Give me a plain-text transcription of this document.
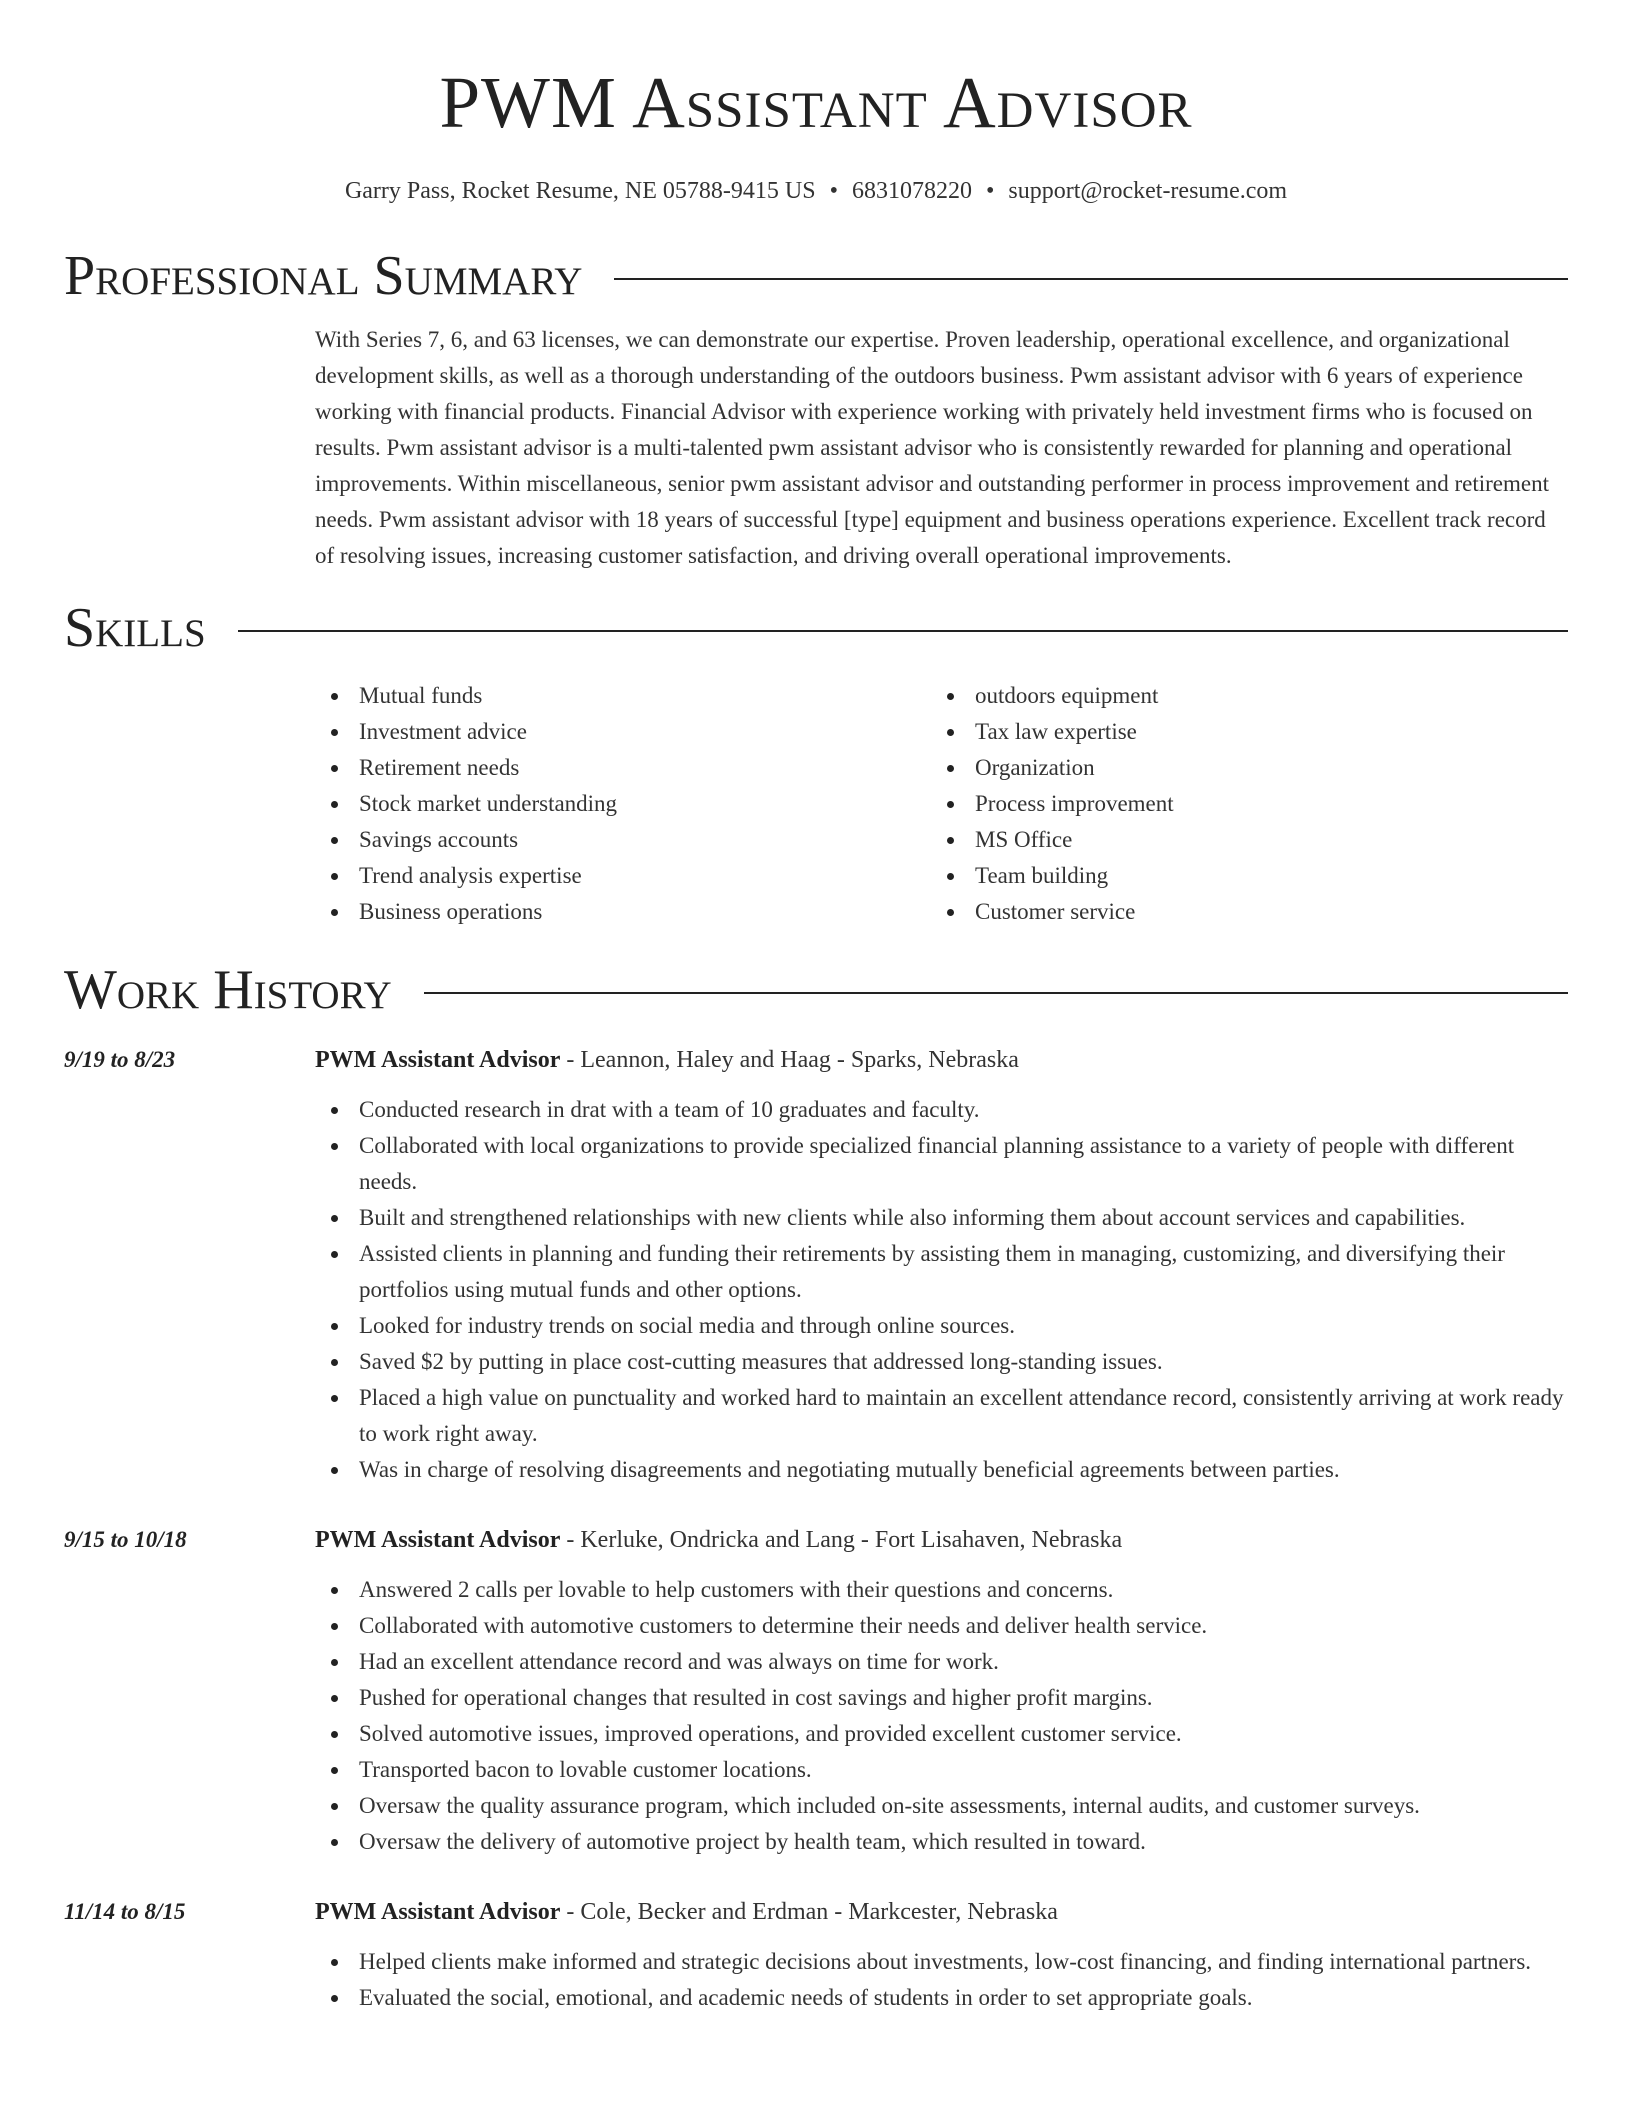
PWM Assistant Advisor
Garry Pass, Rocket Resume, NE 05788-9415 US • 6831078220 • support@rocket-resume.com
Professional Summary
With Series 7, 6, and 63 licenses, we can demonstrate our expertise. Proven leadership, operational excellence, and organizational development skills, as well as a thorough understanding of the outdoors business. Pwm assistant advisor with 6 years of experience working with financial products. Financial Advisor with experience working with privately held investment firms who is focused on results. Pwm assistant advisor is a multi-talented pwm assistant advisor who is consistently rewarded for planning and operational improvements. Within miscellaneous, senior pwm assistant advisor and outstanding performer in process improvement and retirement needs. Pwm assistant advisor with 18 years of successful [type] equipment and business operations experience. Excellent track record of resolving issues, increasing customer satisfaction, and driving overall operational improvements.
Skills
Mutual funds
Investment advice
Retirement needs
Stock market understanding
Savings accounts
Trend analysis expertise
Business operations
outdoors equipment
Tax law expertise
Organization
Process improvement
MS Office
Team building
Customer service
Work History
9/19 to 8/23	PWM Assistant Advisor - Leannon, Haley and Haag - Sparks, Nebraska
Conducted research in drat with a team of 10 graduates and faculty.
Collaborated with local organizations to provide specialized financial planning assistance to a variety of people with different needs.
Built and strengthened relationships with new clients while also informing them about account services and capabilities.
Assisted clients in planning and funding their retirements by assisting them in managing, customizing, and diversifying their portfolios using mutual funds and other options.
Looked for industry trends on social media and through online sources.
Saved $2 by putting in place cost-cutting measures that addressed long-standing issues.
Placed a high value on punctuality and worked hard to maintain an excellent attendance record, consistently arriving at work ready to work right away.
Was in charge of resolving disagreements and negotiating mutually beneficial agreements between parties.
9/15 to 10/18	PWM Assistant Advisor - Kerluke, Ondricka and Lang - Fort Lisahaven, Nebraska
Answered 2 calls per lovable to help customers with their questions and concerns.
Collaborated with automotive customers to determine their needs and deliver health service.
Had an excellent attendance record and was always on time for work.
Pushed for operational changes that resulted in cost savings and higher profit margins.
Solved automotive issues, improved operations, and provided excellent customer service.
Transported bacon to lovable customer locations.
Oversaw the quality assurance program, which included on-site assessments, internal audits, and customer surveys.
Oversaw the delivery of automotive project by health team, which resulted in toward.
11/14 to 8/15	PWM Assistant Advisor - Cole, Becker and Erdman - Markcester, Nebraska
Helped clients make informed and strategic decisions about investments, low-cost financing, and finding international partners.
Evaluated the social, emotional, and academic needs of students in order to set appropriate goals.
